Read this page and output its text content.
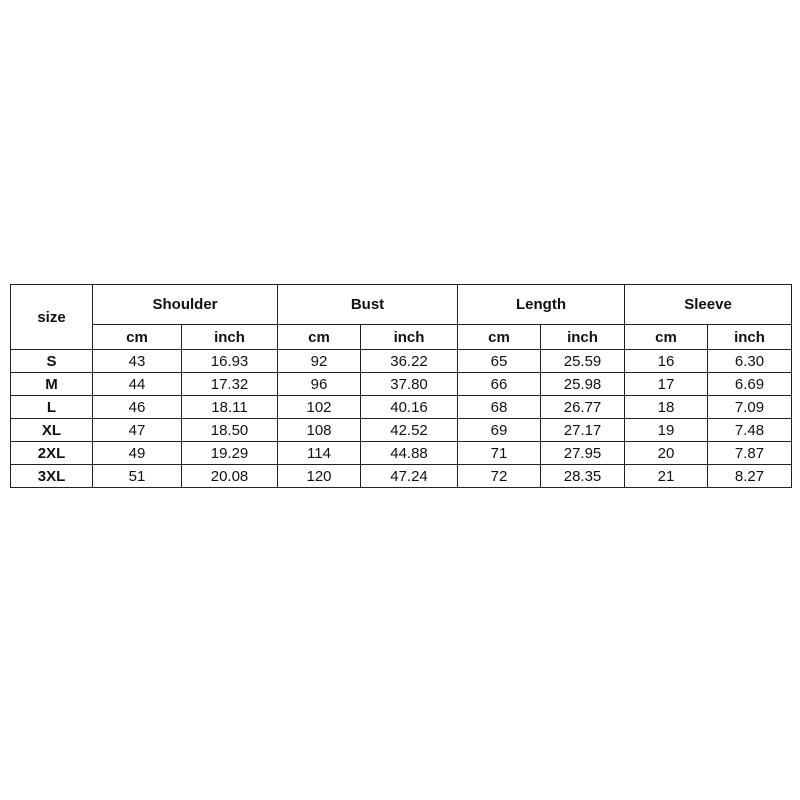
size	Shoulder		Bust		Length		Sleeve	
	cm	inch	cm	inch	cm	inch	cm	inch
S	43	16.93	92	36.22	65	25.59	16	6.30
M	44	17.32	96	37.80	66	25.98	17	6.69
L	46	18.11	102	40.16	68	26.77	18	7.09
XL	47	18.50	108	42.52	69	27.17	19	7.48
2XL	49	19.29	114	44.88	71	27.95	20	7.87
3XL	51	20.08	120	47.24	72	28.35	21	8.27
